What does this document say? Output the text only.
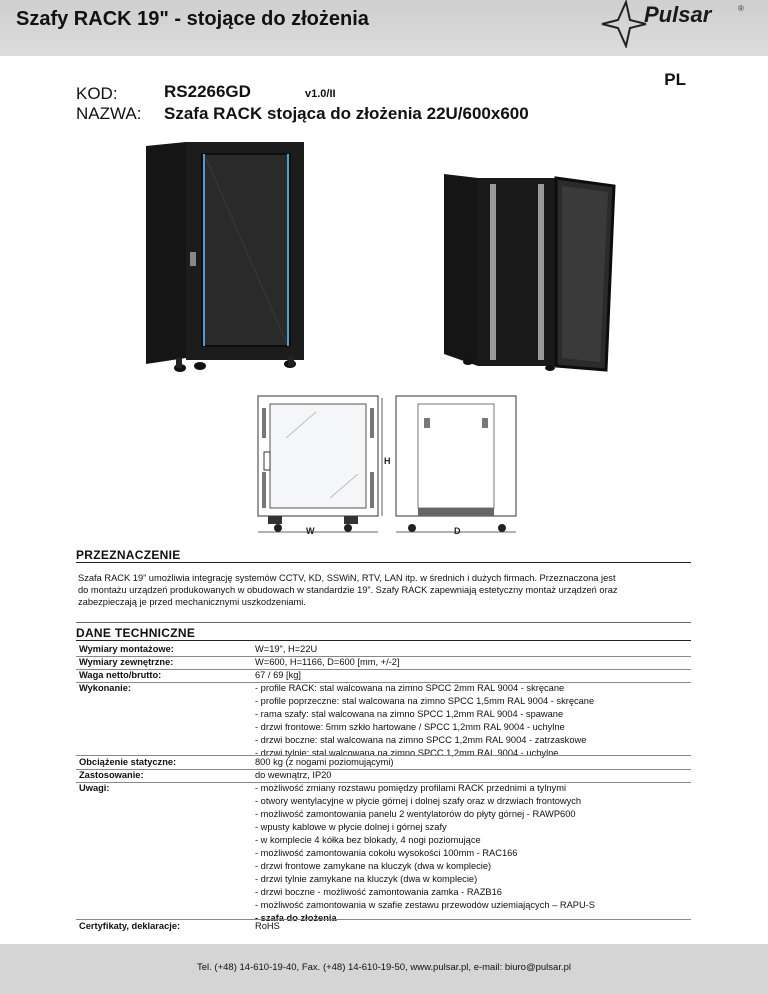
Szafy RACK 19" - stojące do złożenia	Pulsar	®
PL
KOD:	RS2266GD	v1.0/II
NAZWA: Szafa RACK stojąca do złożenia 22U/600x600
W
H
D
PRZEZNACZENIE
Szafa RACK 19” umożliwia integrację systemów CCTV, KD, SSWiN, RTV, LAN itp. w średnich i dużych firmach. Przeznaczona jest
do montażu urządzeń produkowanych w obudowach w standardzie 19”. Szafy RACK zapewniają estetyczny montaż urządzeń oraz
zabezpieczają je przed mechanicznymi uszkodzeniami.
DANE TECHNICZNE
Wymiary montażowe:	W=19", H=22U
Wymiary zewnętrzne:	W=600, H=1166, D=600 [mm, +/-2]
Waga netto/brutto:	67 / 69 [kg]
Wykonanie:	- profile RACK: stal walcowana na zimno SPCC 2mm RAL 9004 - skręcane
- profile poprzeczne: stal walcowana na zimno SPCC 1,5mm RAL 9004 - skręcane
- rama szafy: stal walcowana na zimno SPCC 1,2mm RAL 9004 - spawane
- drzwi frontowe: 5mm szkło hartowane / SPCC 1,2mm RAL 9004 - uchylne
- drzwi boczne: stal walcowana na zimno SPCC 1,2mm RAL 9004 - zatrzaskowe
- drzwi tylnie: stal walcowana na zimno SPCC 1,2mm RAL 9004 - uchylne
Obciążenie statyczne:	800 kg (z nogami poziomującymi)
Zastosowanie:	do wewnątrz, IP20
Uwagi:	- możliwość zmiany rozstawu pomiędzy profilami RACK przednimi a tylnymi
- otwory wentylacyjne w płycie górnej i dolnej szafy oraz w drzwiach frontowych
- możliwość zamontowania panelu 2 wentylatorów do płyty górnej - RAWP600
- wpusty kablowe w płycie dolnej i górnej szafy
- w komplecie 4 kółka bez blokady, 4 nogi poziomujące
- możliwość zamontowania cokołu wysokości 100mm - RAC166
- drzwi frontowe zamykane na kluczyk (dwa w komplecie)
- drzwi tylnie zamykane na kluczyk (dwa w komplecie)
- drzwi boczne - możliwość zamontowania zamka - RAZB16
- możliwość zamontowania w szafie zestawu przewodów uziemiających – RAPU-S
- szafa do złożenia
Certyfikaty, deklaracje:	RoHS
Tel. (+48) 14-610-19-40, Fax. (+48) 14-610-19-50, www.pulsar.pl, e-mail: biuro@pulsar.pl
